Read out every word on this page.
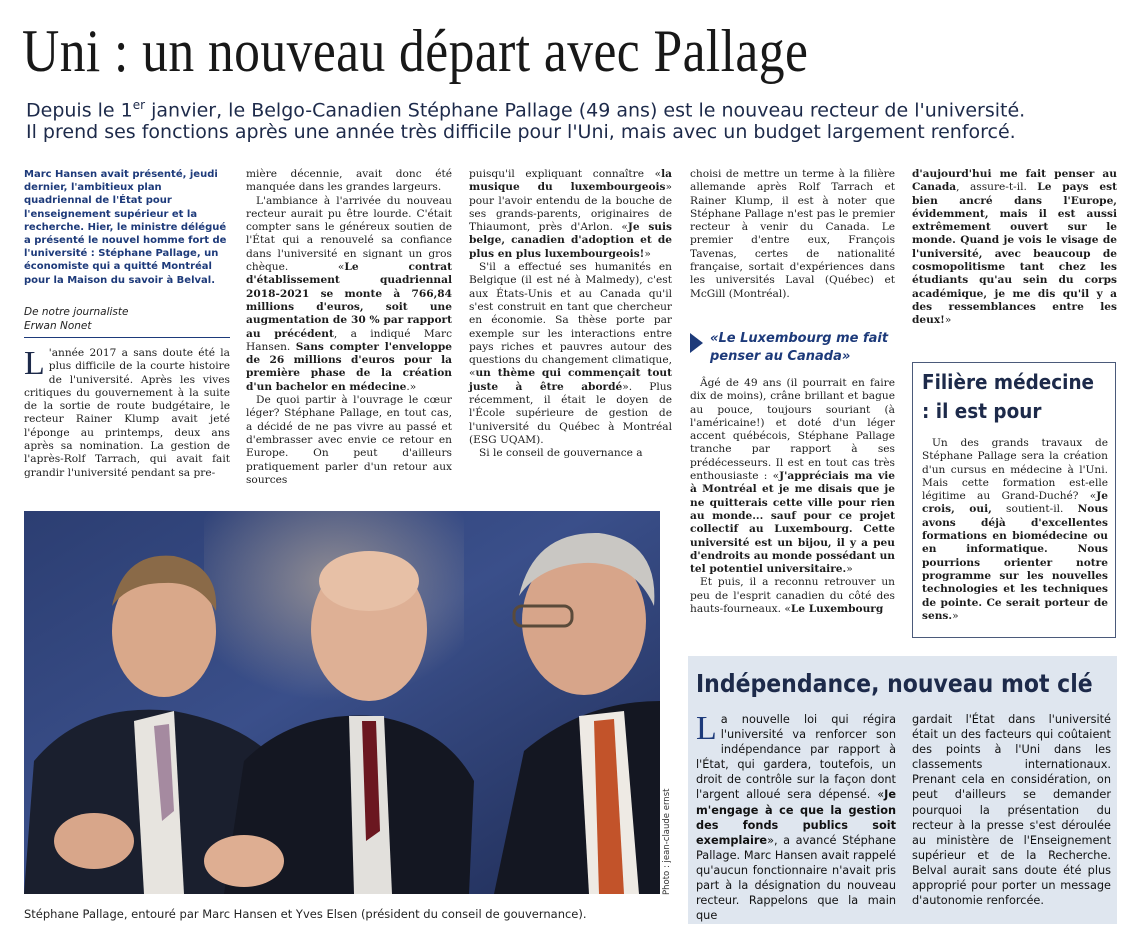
Uni : un nouveau départ avec Pallage
Depuis le 1er janvier, le Belgo-Canadien Stéphane Pallage (49 ans) est le nouveau recteur de l'université.
Il prend ses fonctions après une année très difficile pour l'Uni, mais avec un budget largement renforcé.
Marc Hansen avait présenté, jeudi dernier, l'ambitieux plan quadriennal de l'État pour l'enseignement supérieur et la recherche. Hier, le ministre délégué a présenté le nouvel homme fort de l'université : Stéphane Pallage, un économiste qui a quitté Montréal pour la Maison du savoir à Belval.
De notre journaliste
Erwan Nonet

L 'année 2017 a sans doute été la plus difficile de la courte histoire de l'université. Après les vives critiques du gouvernement à la suite de la sortie de route budgétaire, le recteur Rainer Klump avait jeté l'éponge au printemps, deux ans après sa nomination. La gestion de l'après-Rolf Tarrach, qui avait fait grandir l'université pendant sa pre-

mière décennie, avait donc été manquée dans les grandes largeurs.

L'ambiance à l'arrivée du nouveau recteur aurait pu être lourde. C'était compter sans le généreux soutien de l'État qui a renouvelé sa confiance dans l'université en signant un gros chèque. «Le contrat d'établissement quadriennal 2018-2021 se monte à 766,84 millions d'euros, soit une augmentation de 30 % par rapport au précédent, a indiqué Marc Hansen. Sans compter l'enveloppe de 26 millions d'euros pour la première phase de la création d'un bachelor en médecine.»

De quoi partir à l'ouvrage le cœur léger? Stéphane Pallage, en tout cas, a décidé de ne pas vivre au passé et d'embrasser avec envie ce retour en Europe. On peut d'ailleurs pratiquement parler d'un retour aux sources

puisqu'il expliquant connaître «la musique du luxembourgeois» pour l'avoir entendu de la bouche de ses grands-parents, originaires de Thiaumont, près d'Arlon. «Je suis belge, canadien d'adoption et de plus en plus luxembourgeois!»

S'il a effectué ses humanités en Belgique (il est né à Malmedy), c'est aux États-Unis et au Canada qu'il s'est construit en tant que chercheur en économie. Sa thèse porte par exemple sur les interactions entre pays riches et pauvres autour des questions du changement climatique, «un thème qui commençait tout juste à être abordé». Plus récemment, il était le doyen de l'École supérieure de gestion de l'université du Québec à Montréal (ESG UQAM).

Si le conseil de gouvernance a

choisi de mettre un terme à la filière allemande après Rolf Tarrach et Rainer Klump, il est à noter que Stéphane Pallage n'est pas le premier recteur à venir du Canada. Le premier d'entre eux, François Tavenas, certes de nationalité française, sortait d'expériences dans les universités Laval (Québec) et McGill (Montréal).

«Le Luxembourg me fait penser au Canada»

Âgé de 49 ans (il pourrait en faire dix de moins), crâne brillant et bague au pouce, toujours souriant (à l'américaine!) et doté d'un léger accent québécois, Stéphane Pallage tranche par rapport à ses prédécesseurs. Il est en tout cas très enthousiaste : «J'appréciais ma vie à Montréal et je me disais que je ne quitterais cette ville pour rien au monde... sauf pour ce projet collectif au Luxembourg. Cette université est un bijou, il y a peu d'endroits au monde possédant un tel potentiel universitaire.»

Et puis, il a reconnu retrouver un peu de l'esprit canadien du côté des hauts-fourneaux. «Le Luxembourg

d'aujourd'hui me fait penser au Canada, assure-t-il. Le pays est bien ancré dans l'Europe, évidemment, mais il est aussi extrêmement ouvert sur le monde. Quand je vois le visage de l'université, avec beaucoup de cosmopolitisme tant chez les étudiants qu'au sein du corps académique, je me dis qu'il y a des ressemblances entre les deux!»

Filière médecine : il est pour

Un des grands travaux de Stéphane Pallage sera la création d'un cursus en médecine à l'Uni. Mais cette formation est-elle légitime au Grand-Duché? «Je crois, oui, soutient-il. Nous avons déjà d'excellentes formations en biomédecine ou en informatique. Nous pourrions orienter notre programme sur les nouvelles technologies et les techniques de pointe. Ce serait porteur de sens.»

Photo : jean-claude ernst
Stéphane Pallage, entouré par Marc Hansen et Yves Elsen (président du conseil de gouvernance).
Indépendance, nouveau mot clé
La nouvelle loi qui régira l'université va renforcer son indépendance par rapport à l'État, qui gardera, toutefois, un droit de contrôle sur la façon dont l'argent alloué sera dépensé. «Je m'engage à ce que la gestion des fonds publics soit exemplaire», a avancé Stéphane Pallage. Marc Hansen avait rappelé qu'aucun fonctionnaire n'avait pris part à la désignation du nouveau recteur. Rappelons que la main que
gardait l'État dans l'université était un des facteurs qui coûtaient des points à l'Uni dans les classements internationaux. Prenant cela en considération, on peut d'ailleurs se demander pourquoi la présentation du recteur à la presse s'est déroulée au ministère de l'Enseignement supérieur et de la Recherche. Belval aurait sans doute été plus approprié pour porter un message d'autonomie renforcée.
